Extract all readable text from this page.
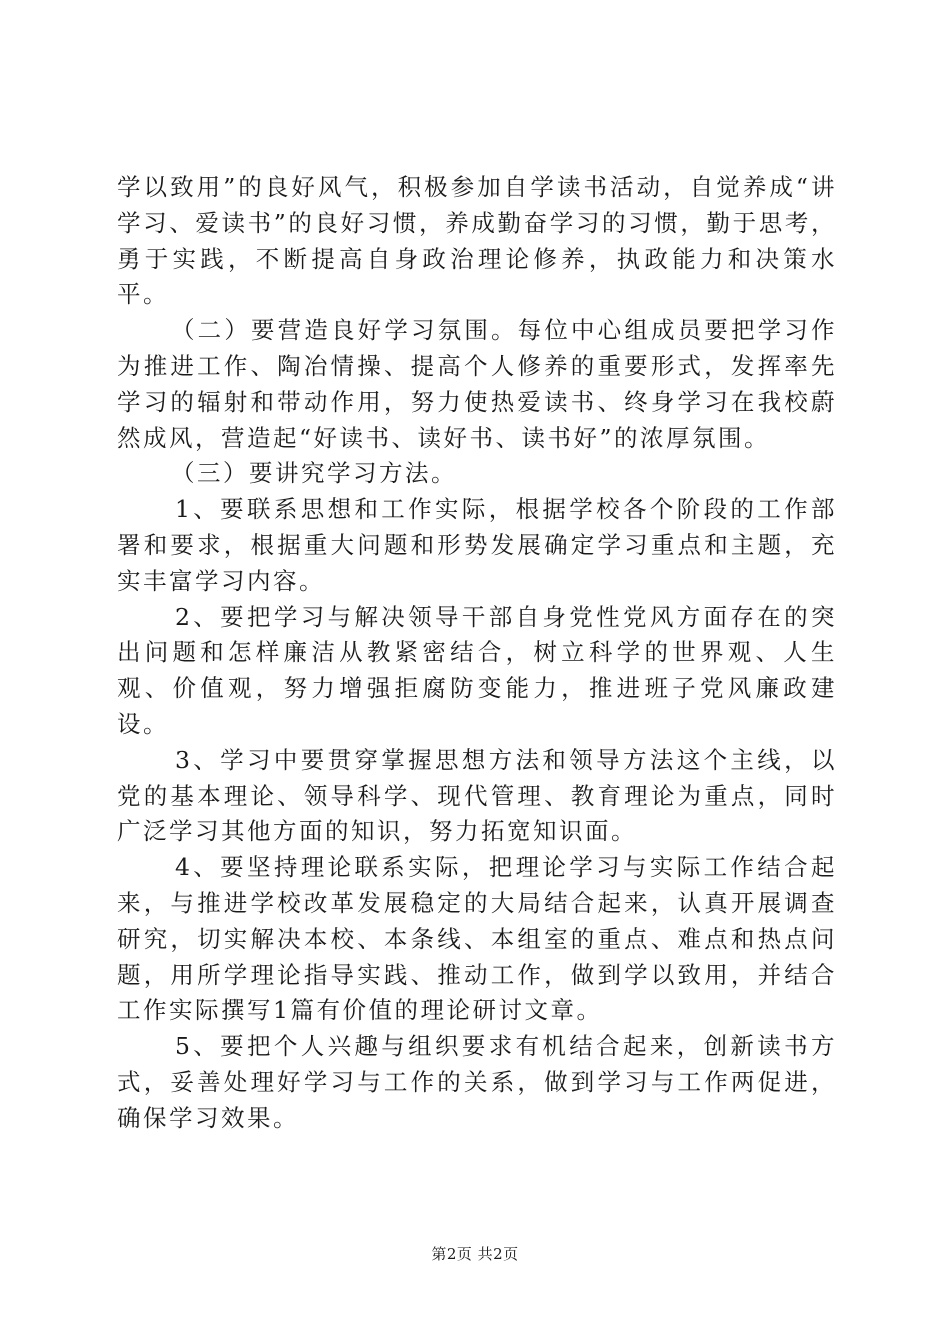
学以致用”的良好风气，积极参加自学读书活动，自觉养成“讲学习、爱读书”的良好习惯，养成勤奋学习的习惯，勤于思考，勇于实践，不断提高自身政治理论修养，执政能力和决策水平。

（二）要营造良好学习氛围。每位中心组成员要把学习作为推进工作、陶冶情操、提高个人修养的重要形式，发挥率先学习的辐射和带动作用，努力使热爱读书、终身学习在我校蔚然成风，营造起“好读书、读好书、读书好”的浓厚氛围。

（三）要讲究学习方法。

1、要联系思想和工作实际，根据学校各个阶段的工作部署和要求，根据重大问题和形势发展确定学习重点和主题，充实丰富学习内容。

2、要把学习与解决领导干部自身党性党风方面存在的突出问题和怎样廉洁从教紧密结合，树立科学的世界观、人生观、价值观，努力增强拒腐防变能力，推进班子党风廉政建设。

3、学习中要贯穿掌握思想方法和领导方法这个主线，以党的基本理论、领导科学、现代管理、教育理论为重点，同时广泛学习其他方面的知识，努力拓宽知识面。

4、要坚持理论联系实际，把理论学习与实际工作结合起来，与推进学校改革发展稳定的大局结合起来，认真开展调查研究，切实解决本校、本条线、本组室的重点、难点和热点问题，用所学理论指导实践、推动工作，做到学以致用，并结合工作实际撰写1篇有价值的理论研讨文章。

5、要把个人兴趣与组织要求有机结合起来，创新读书方式，妥善处理好学习与工作的关系，做到学习与工作两促进，确保学习效果。

第2页 共2页
